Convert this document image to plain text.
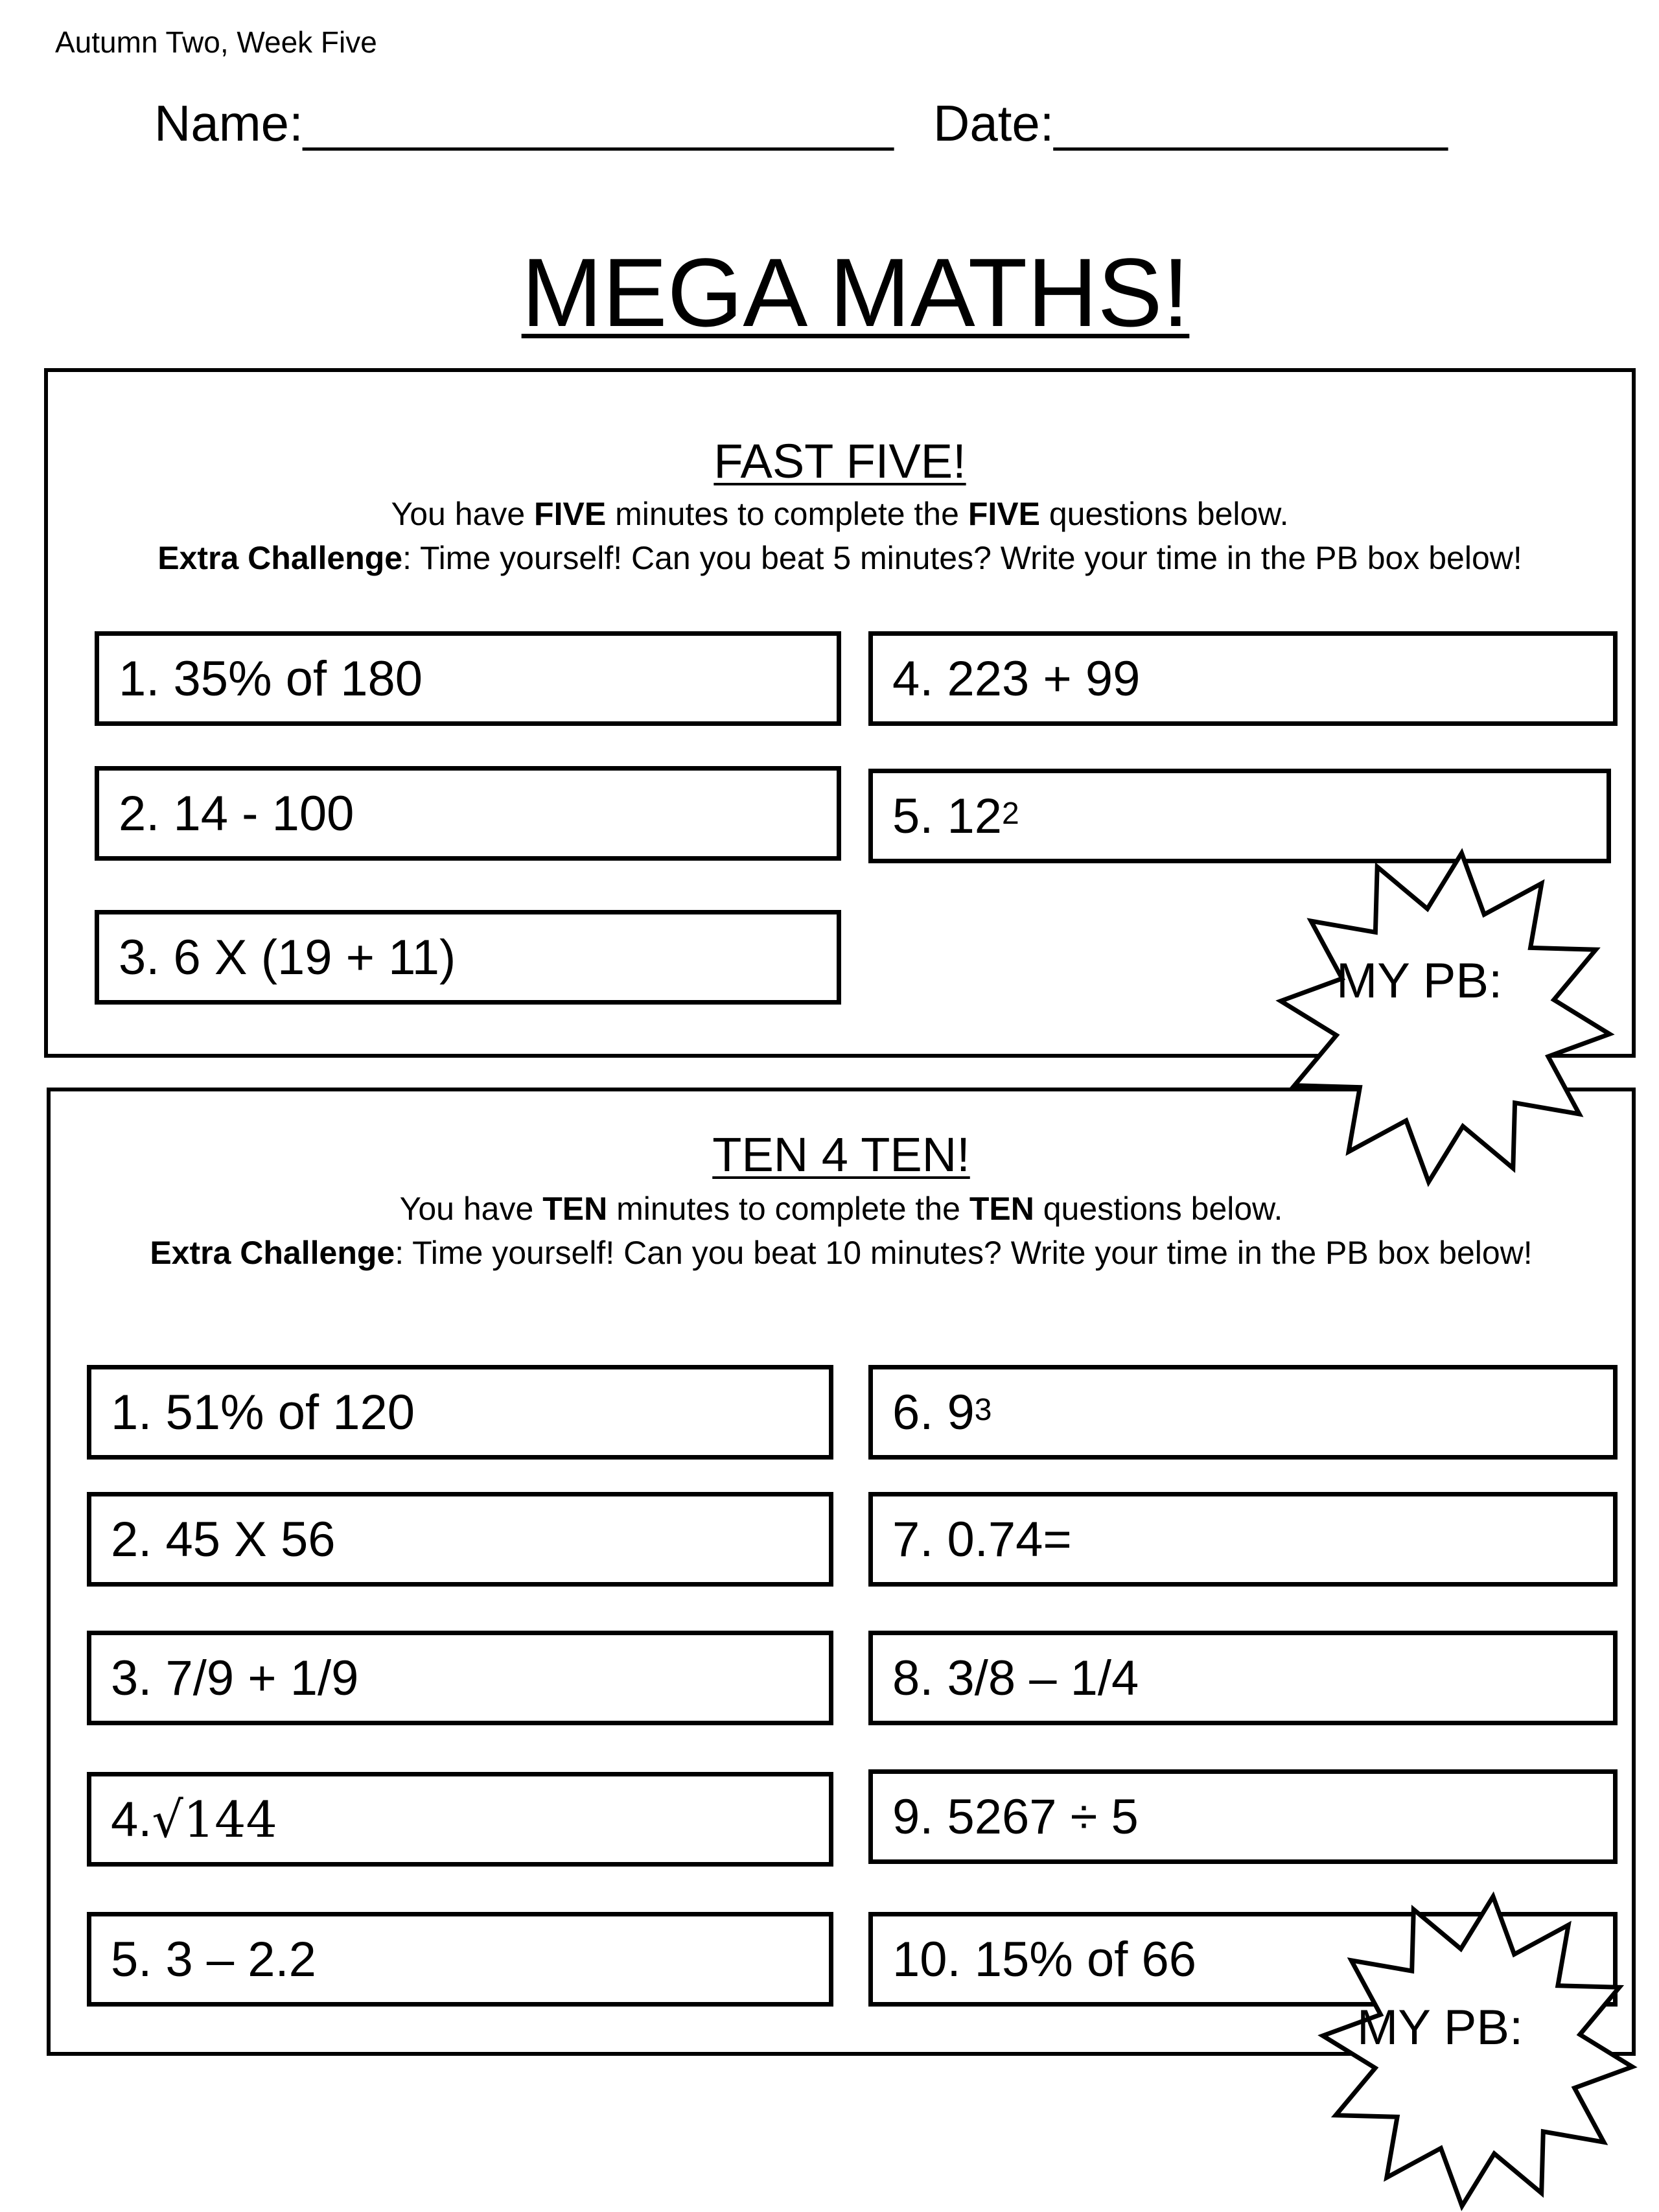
Autumn Two, Week Five
Name:_____________________ Date:______________
MEGA MATHS!
FAST FIVE!
You have FIVE minutes to complete the FIVE questions below.
Extra Challenge: Time yourself! Can you beat 5 minutes? Write your time in the PB box below!
1. 35% of 180
2. 14 - 100
3. 6 X (19 + 11)
4. 223 + 99
5. $12^2$
TEN 4 TEN!
You have TEN minutes to complete the TEN questions below.
Extra Challenge: Time yourself! Can you beat 10 minutes? Write your time in the PB box below!
1. 51% of 120
2. 45 X 56
3. 7/9 + 1/9
4. √144
5. 3 – 2.2
6. $9^3$
7. 0.74=
8. 3/8 – 1/4
9. 5267 ÷ 5
10. 15% of 66
MY PB:
MY PB:
